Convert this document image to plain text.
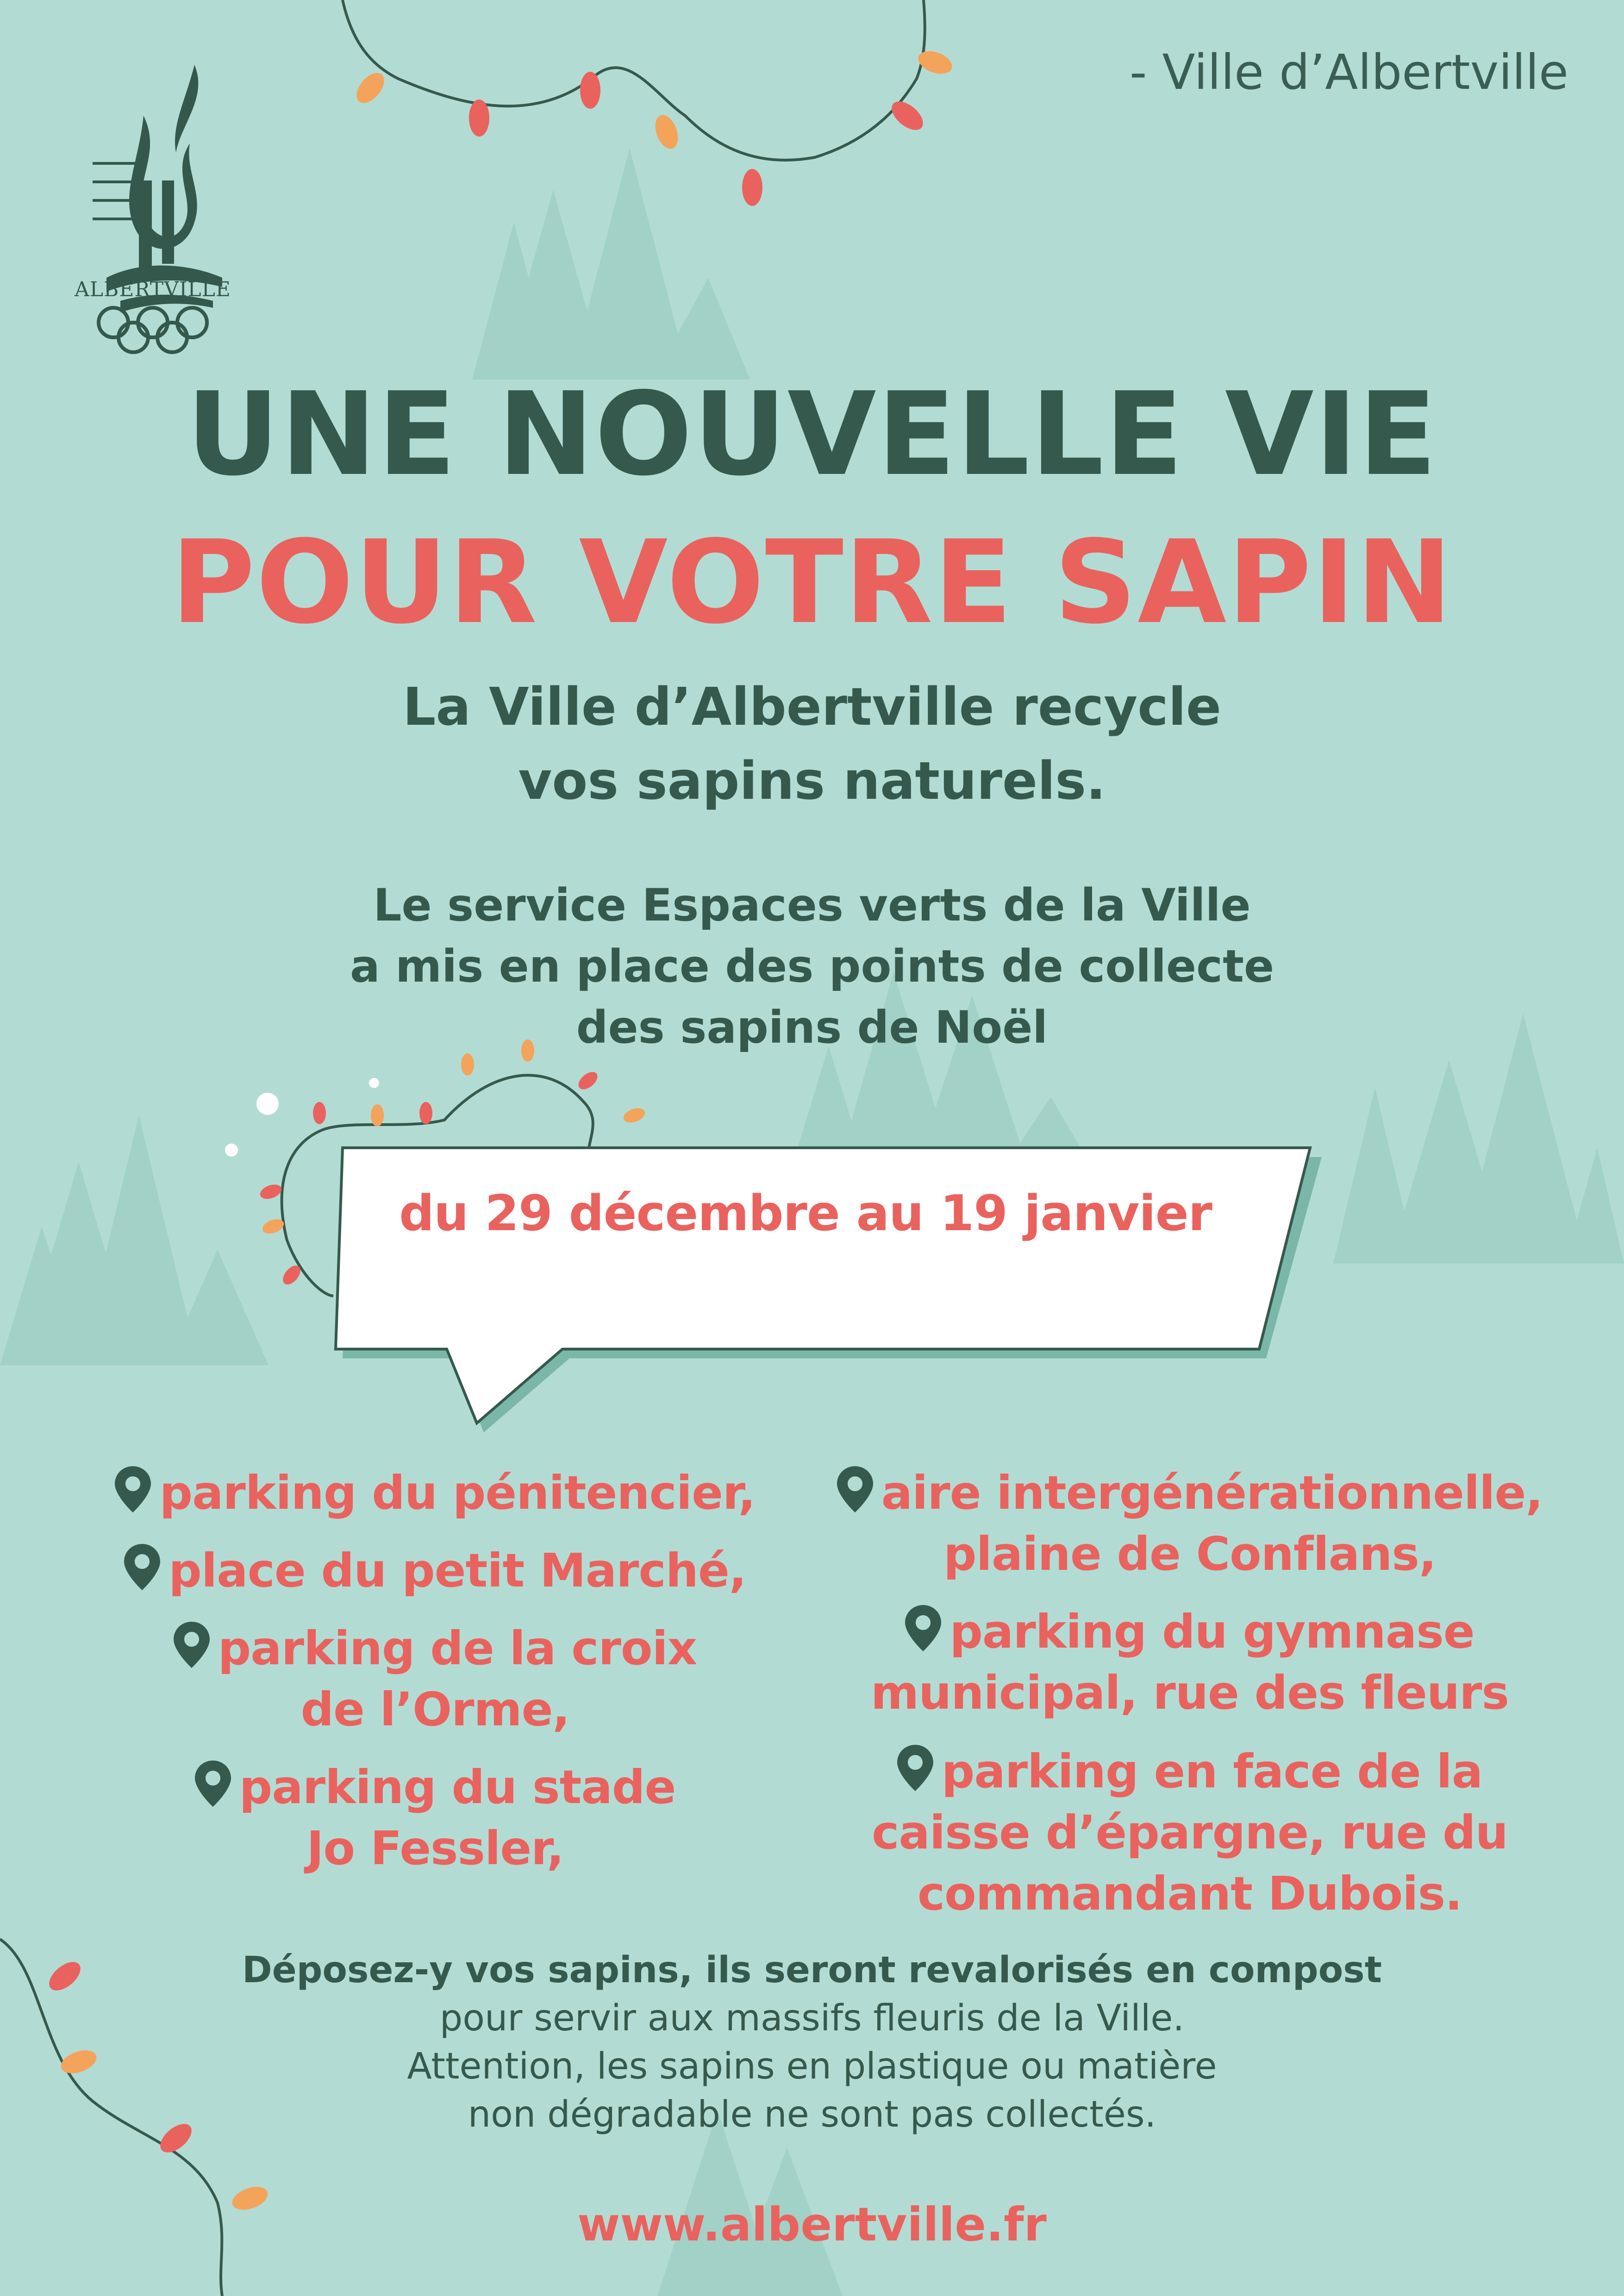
- Ville d’Albertville
ALBERTVILLE
UNE NOUVELLE VIE
POUR VOTRE SAPIN
La Ville d’Albertville recycle
vos sapins naturels.
Le service Espaces verts de la Ville
a mis en place des points de collecte
des sapins de Noël
du 29 décembre au 19 janvier
parking du pénitencier,
place du petit Marché,
parking de la croix
de l’Orme,
parking du stade
Jo Fessler,
aire intergénérationnelle,
plaine de Conflans,
parking du gymnase
municipal, rue des fleurs
parking en face de la
caisse d’épargne, rue du
commandant Dubois.
Déposez-y vos sapins, ils seront revalorisés en compost
pour servir aux massifs fleuris de la Ville.
Attention, les sapins en plastique ou matière
non dégradable ne sont pas collectés.
www.albertville.fr
